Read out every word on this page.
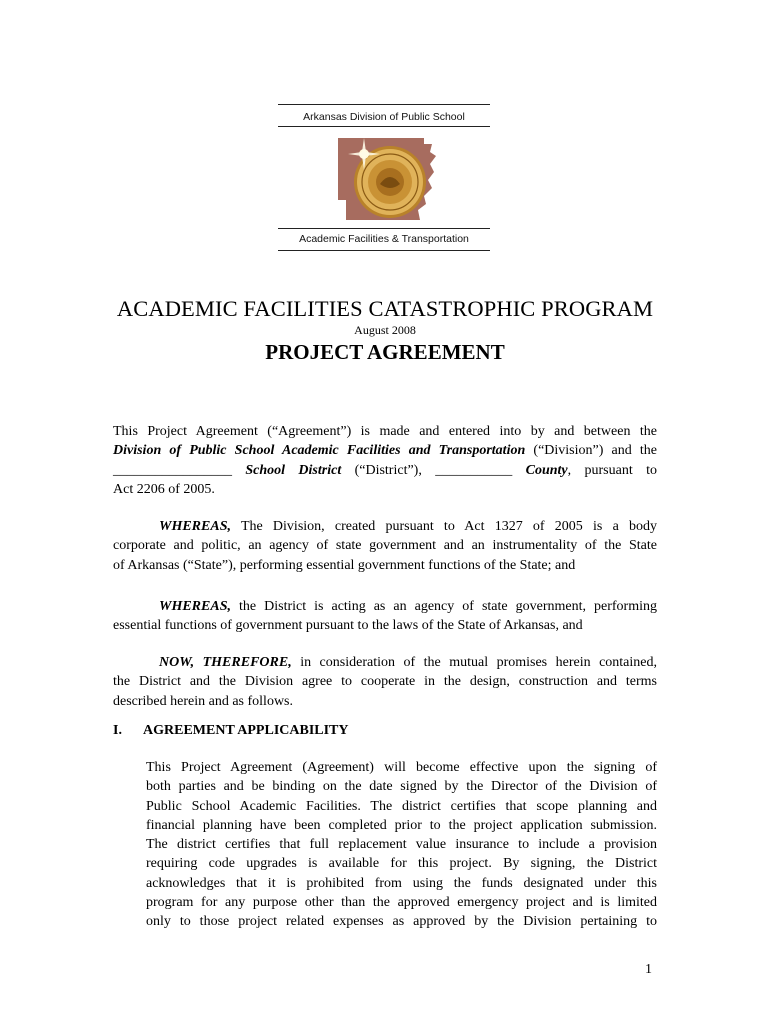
Arkansas Division of Public School
Academic Facilities & Transportation
ACADEMIC FACILITIES CATASTROPHIC PROGRAM
August 2008
PROJECT AGREEMENT
This Project Agreement (“Agreement”) is made and entered into by and between the
Division of Public School Academic Facilities and Transportation (“Division”) and the
_________________ School District (“District”), ___________ County, pursuant to
Act 2206 of 2005.
WHEREAS, The Division, created pursuant to Act 1327 of 2005 is a body
corporate and politic, an agency of state government and an instrumentality of the State
of Arkansas (“State”), performing essential government functions of the State; and
WHEREAS, the District is acting as an agency of state government, performing
essential functions of government pursuant to the laws of the State of Arkansas, and
NOW, THEREFORE, in consideration of the mutual promises herein contained,
the District and the Division agree to cooperate in the design, construction and terms
described herein and as follows.
I. AGREEMENT APPLICABILITY
This Project Agreement (Agreement) will become effective upon the signing of
both parties and be binding on the date signed by the Director of the Division of
Public School Academic Facilities. The district certifies that scope planning and
financial planning have been completed prior to the project application submission.
The district certifies that full replacement value insurance to include a provision
requiring code upgrades is available for this project. By signing, the District
acknowledges that it is prohibited from using the funds designated under this
program for any purpose other than the approved emergency project and is limited
only to those project related expenses as approved by the Division pertaining to
1
